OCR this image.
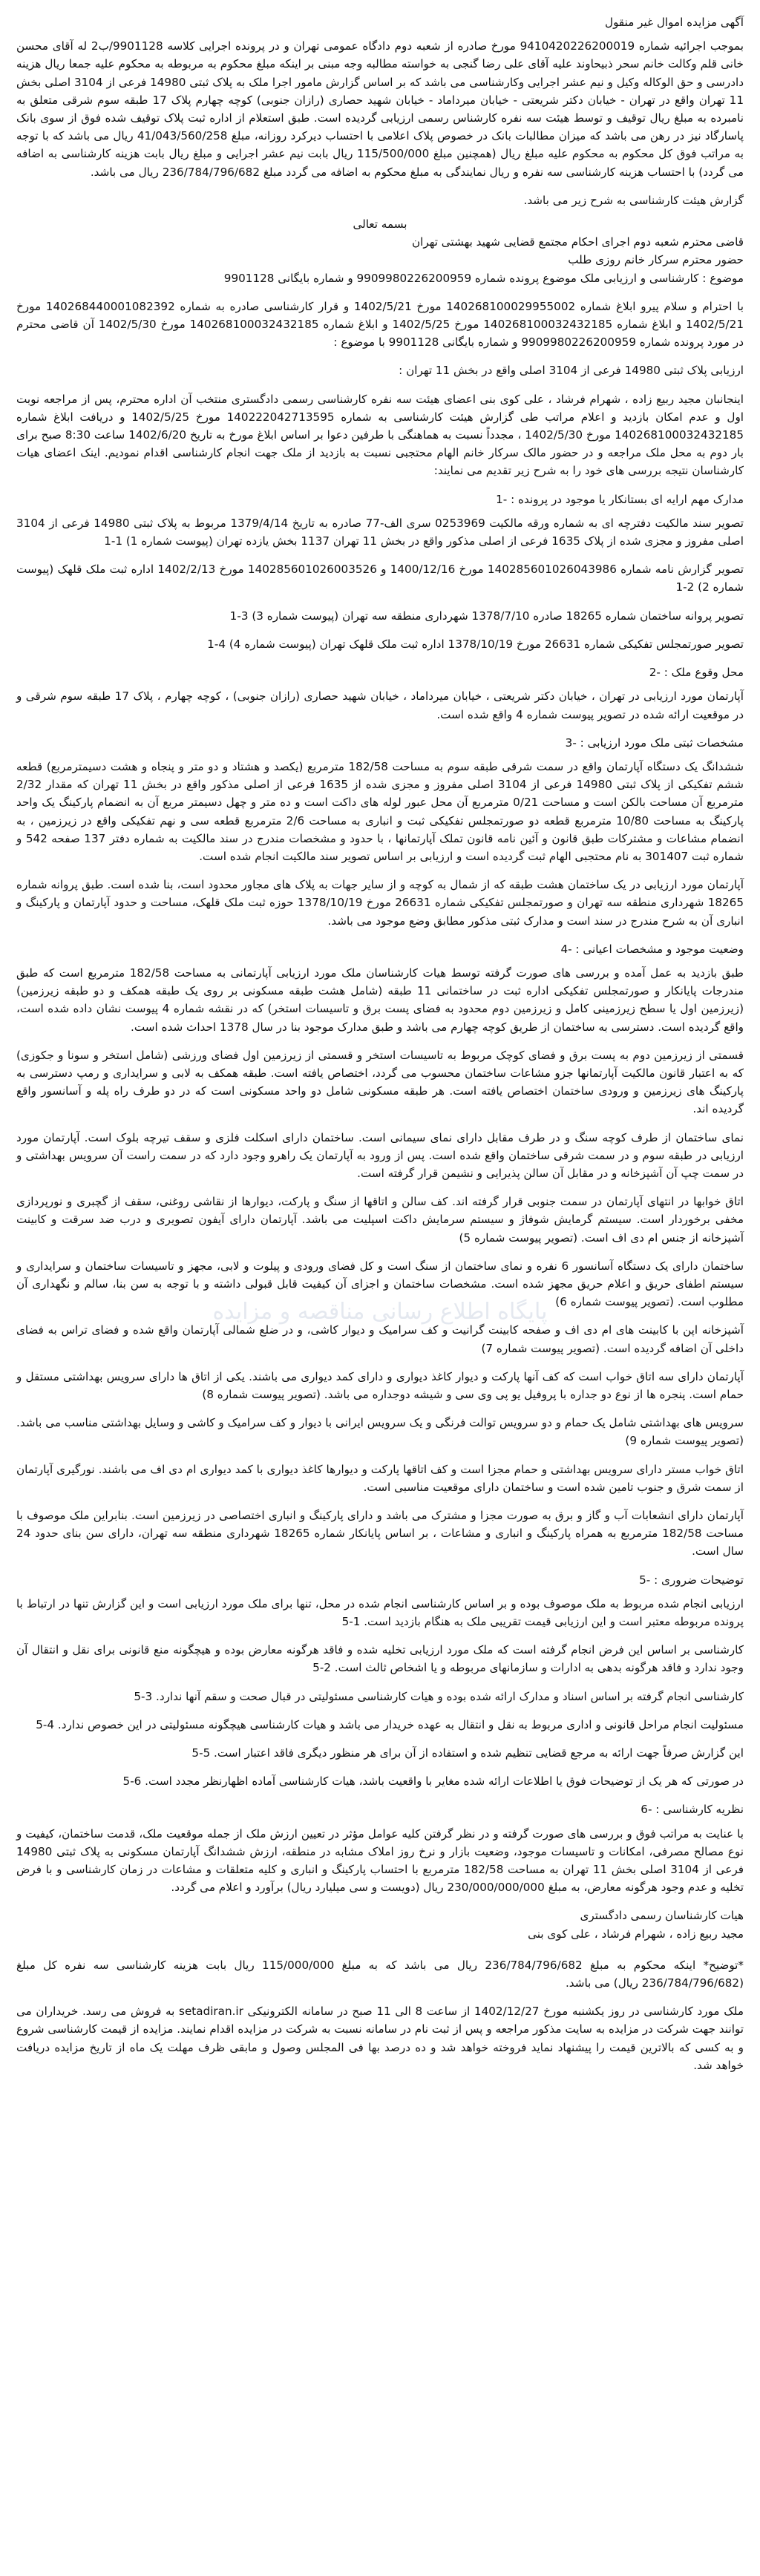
آگهی مزایده اموال غیر منقول

بموجب اجرائیه شماره 9410420226200019 مورخ صادره از شعبه دوم دادگاه عمومی تهران و در پرونده اجرایی کلاسه 9901128/ب2 له آقای محسن خانی قلم وکالت خانم سحر ذبیحاوند علیه آقای علی رضا گنجی به خواسته مطالبه وجه مبنی بر اینکه مبلغ محکوم به مربوطه به محکوم علیه جمعا ریال هزینه دادرسی و حق الوکاله وکیل و نیم عشر اجرایی وکارشناسی می باشد که بر اساس گزارش مامور اجرا ملک به پلاک ثبتی 14980 فرعی از 3104 اصلی بخش 11 تهران واقع در تهران - خیابان دکتر شریعتی - خیابان میرداماد - خیابان شهید حصاری (رازان جنوبی) کوچه چهارم پلاک 17 طبقه سوم شرقی متعلق به نامبرده به مبلغ ریال توقیف و توسط هیئت سه نفره کارشناس رسمی ارزیابی گردیده است. طبق استعلام از اداره ثبت پلاک توقیف شده فوق از سوی بانک پاسارگاد نیز در رهن می باشد که میزان مطالبات بانک در خصوص پلاک اعلامی با احتساب دیرکرد روزانه، مبلغ 41/043/560/258 ریال می باشد که با توجه به مراتب فوق کل محکوم به محکوم علیه مبلغ ریال (همچنین مبلغ 115/500/000 ریال بابت نیم عشر اجرایی و مبلغ ریال بابت هزینه کارشناسی به اضافه می گردد) با احتساب هزینه کارشناسی سه نفره و ریال نمایندگی به مبلغ محکوم به اضافه می گردد مبلغ 236/784/796/682 ریال می باشد.

گزارش هیئت کارشناسی به شرح زیر می باشد.

بسمه تعالی

قاضی محترم شعبه دوم اجرای احکام مجتمع قضایی شهید بهشتی تهران

حضور محترم سرکار خانم روزی طلب

موضوع : کارشناسی و ارزیابی ملک موضوع پرونده شماره 9909980226200959 و شماره بایگانی 9901128

با احترام و سلام پیرو ابلاغ شماره 140268100029955002 مورخ 1402/5/21 و قرار کارشناسی صادره به شماره 140268440001082392 مورخ 1402/5/21 و ابلاغ شماره 140268100032432185 مورخ 1402/5/25 و ابلاغ شماره 140268100032432185 مورخ 1402/5/30 آن قاضی محترم در مورد پرونده شماره 9909980226200959 و شماره بایگانی 9901128 با موضوع :

ارزیابی پلاک ثبتی 14980 فرعی از 3104 اصلی واقع در بخش 11 تهران :

اینجانبان مجید ربیع زاده ، شهرام فرشاد ، علی کوی بنی اعضای هیئت سه نفره کارشناسی رسمی دادگستری منتخب آن اداره محترم، پس از مراجعه نوبت اول و عدم امکان بازدید و اعلام مراتب طی گزارش هیئت کارشناسی به شماره 140222042713595 مورخ 1402/5/25 و دریافت ابلاغ شماره 140268100032432185 مورخ 1402/5/30 ، مجدداً نسبت به هماهنگی با طرفین دعوا بر اساس ابلاغ مورخ به تاریخ 1402/6/20 ساعت 8:30 صبح برای بار دوم به محل ملک مراجعه و در حضور مالک سرکار خانم الهام محتجبی نسبت به بازدید از ملک جهت انجام کارشناسی اقدام نمودیم. اینک اعضای هیات کارشناسان نتیجه بررسی های خود را به شرح زیر تقدیم می نمایند:

مدارک مهم ارایه ای بستانکار یا موجود در پرونده : -1

تصویر سند مالکیت دفترچه ای به شماره ورقه مالکیت 0253969 سری الف-77 صادره به تاریخ 1379/4/14 مربوط به پلاک ثبتی 14980 فرعی از 3104 اصلی مفروز و مجزی شده از پلاک 1635 فرعی از اصلی مذکور واقع در بخش 11 تهران 1137 بخش یازده تهران (پیوست شماره 1) 1-1

تصویر گزارش نامه شماره 140285601026043986 مورخ 1400/12/16 و 140285601026003526 مورخ 1402/2/13 اداره ثبت ملک قلهک (پیوست شماره 2) 2-1

تصویر پروانه ساختمان شماره 18265 صادره 1378/7/10 شهرداری منطقه سه تهران (پیوست شماره 3) 3-1

تصویر صورتمجلس تفکیکی شماره 26631 مورخ 1378/10/19 اداره ثبت ملک قلهک تهران (پیوست شماره 4) 4-1

محل وقوع ملک : -2

آپارتمان مورد ارزیابی در تهران ، خیابان دکتر شریعتی ، خیابان میرداماد ، خیابان شهید حصاری (رازان جنوبی) ، کوچه چهارم ، پلاک 17 طبقه سوم شرقی و در موقعیت ارائه شده در تصویر پیوست شماره 4 واقع شده است.

مشخصات ثبتی ملک مورد ارزیابی : -3

ششدانگ یک دستگاه آپارتمان واقع در سمت شرقی طبقه سوم به مساحت 182/58 مترمربع (یکصد و هشتاد و دو متر و پنجاه و هشت دسیمترمربع) قطعه ششم تفکیکی از پلاک ثبتی 14980 فرعی از 3104 اصلی مفروز و مجزی شده از 1635 فرعی از اصلی مذکور واقع در بخش 11 تهران که مقدار 2/32 مترمربع آن مساحت بالکن است و مساحت 0/21 مترمربع آن محل عبور لوله های داکت است و ده متر و چهل دسیمتر مربع آن به انضمام پارکینگ یک واحد پارکینگ به مساحت 10/80 مترمربع قطعه دو صورتمجلس تفکیکی ثبت و انباری به مساحت 2/6 مترمربع قطعه سی و نهم تفکیکی واقع در زیرزمین ، به انضمام مشاعات و مشترکات طبق قانون و آئین نامه قانون تملک آپارتمانها ، با حدود و مشخصات مندرج در سند مالکیت به شماره دفتر 137 صفحه 542 و شماره ثبت 301407 به نام محتجبی الهام ثبت گردیده است و ارزیابی بر اساس تصویر سند مالکیت انجام شده است.

آپارتمان مورد ارزیابی در یک ساختمان هشت طبقه که از شمال به کوچه و از سایر جهات به پلاک های مجاور محدود است، بنا شده است. طبق پروانه شماره 18265 شهرداری منطقه سه تهران و صورتمجلس تفکیکی شماره 26631 مورخ 1378/10/19 حوزه ثبت ملک قلهک، مساحت و حدود آپارتمان و پارکینگ و انباری آن به شرح مندرج در سند است و مدارک ثبتی مذکور مطابق وضع موجود می باشد.

وضعیت موجود و مشخصات اعیانی : -4

طبق بازدید به عمل آمده و بررسی های صورت گرفته توسط هیات کارشناسان ملک مورد ارزیابی آپارتمانی به مساحت 182/58 مترمربع است که طبق مندرجات پایانکار و صورتمجلس تفکیکی اداره ثبت در ساختمانی 11 طبقه (شامل هشت طبقه مسکونی بر روی یک طبقه همکف و دو طبقه زیرزمین) (زیرزمین اول یا سطح زیرزمینی کامل و زیرزمین دوم محدود به فضای پست برق و تاسیسات استخر) که در نقشه شماره 4 پیوست نشان داده شده است، واقع گردیده است. دسترسی به ساختمان از طریق کوچه چهارم می باشد و طبق مدارک موجود بنا در سال 1378 احداث شده است.

قسمتی از زیرزمین دوم به پست برق و فضای کوچک مربوط به تاسیسات استخر و قسمتی از زیرزمین اول فضای ورزشی (شامل استخر و سونا و جکوزی) که به اعتبار قانون مالکیت آپارتمانها جزو مشاعات ساختمان محسوب می گردد، اختصاص یافته است. طبقه همکف به لابی و سرایداری و رمپ دسترسی به پارکینگ های زیرزمین و ورودی ساختمان اختصاص یافته است. هر طبقه مسکونی شامل دو واحد مسکونی است که در دو طرف راه پله و آسانسور واقع گردیده اند.

نمای ساختمان از طرف کوچه سنگ و در طرف مقابل دارای نمای سیمانی است. ساختمان دارای اسکلت فلزی و سقف تیرچه بلوک است. آپارتمان مورد ارزیابی در طبقه سوم و در سمت شرقی ساختمان واقع شده است. پس از ورود به آپارتمان یک راهرو وجود دارد که در سمت راست آن سرویس بهداشتی و در سمت چپ آن آشپزخانه و در مقابل آن سالن پذیرایی و نشیمن قرار گرفته است.

اتاق خوابها در انتهای آپارتمان در سمت جنوبی قرار گرفته اند. کف سالن و اتاقها از سنگ و پارکت، دیوارها از نقاشی روغنی، سقف از گچبری و نورپردازی مخفی برخوردار است. سیستم گرمایش شوفاژ و سیستم سرمایش داکت اسپلیت می باشد. آپارتمان دارای آیفون تصویری و درب ضد سرقت و کابینت آشپزخانه از جنس ام دی اف است. (تصویر پیوست شماره 5)

ساختمان دارای یک دستگاه آسانسور 6 نفره و نمای ساختمان از سنگ است و کل فضای ورودی و پیلوت و لابی، مجهز و تاسیسات ساختمان و سرایداری و سیستم اطفای حریق و اعلام حریق مجهز شده است. مشخصات ساختمان و اجزای آن کیفیت قابل قبولی داشته و با توجه به سن بنا، سالم و نگهداری آن مطلوب است. (تصویر پیوست شماره 6)

آشپزخانه اپن با کابینت های ام دی اف و صفحه کابینت گرانیت و کف سرامیک و دیوار کاشی، و در ضلع شمالی آپارتمان واقع شده و فضای تراس به فضای داخلی آن اضافه گردیده است. (تصویر پیوست شماره 7)

آپارتمان دارای سه اتاق خواب است که کف آنها پارکت و دیوار کاغذ دیواری و دارای کمد دیواری می باشند. یکی از اتاق ها دارای سرویس بهداشتی مستقل و حمام است. پنجره ها از نوع دو جداره با پروفیل یو پی وی سی و شیشه دوجداره می باشد. (تصویر پیوست شماره 8)

سرویس های بهداشتی شامل یک حمام و دو سرویس توالت فرنگی و یک سرویس ایرانی با دیوار و کف سرامیک و کاشی و وسایل بهداشتی مناسب می باشد. (تصویر پیوست شماره 9)

اتاق خواب مستر دارای سرویس بهداشتی و حمام مجزا است و کف اتاقها پارکت و دیوارها کاغذ دیواری با کمد دیواری ام دی اف می باشند. نورگیری آپارتمان از سمت شرق و جنوب تامین شده است و ساختمان دارای موقعیت مناسبی است.

آپارتمان دارای انشعابات آب و گاز و برق به صورت مجزا و مشترک می باشد و دارای پارکینگ و انباری اختصاصی در زیرزمین است. بنابراین ملک موصوف با مساحت 182/58 مترمربع به همراه پارکینگ و انباری و مشاعات ، بر اساس پایانکار شماره 18265 شهرداری منطقه سه تهران، دارای سن بنای حدود 24 سال است.

توضیحات ضروری : -5

ارزیابی انجام شده مربوط به ملک موصوف بوده و بر اساس کارشناسی انجام شده در محل، تنها برای ملک مورد ارزیابی است و این گزارش تنها در ارتباط با پرونده مربوطه معتبر است و این ارزیابی قیمت تقریبی ملک به هنگام بازدید است. 1-5

کارشناسی بر اساس این فرض انجام گرفته است که ملک مورد ارزیابی تخلیه شده و فاقد هرگونه معارض بوده و هیچگونه منع قانونی برای نقل و انتقال آن وجود ندارد و فاقد هرگونه بدهی به ادارات و سازمانهای مربوطه و یا اشخاص ثالث است. 2-5

کارشناسی انجام گرفته بر اساس اسناد و مدارک ارائه شده بوده و هیات کارشناسی مسئولیتی در قبال صحت و سقم آنها ندارد. 3-5

مسئولیت انجام مراحل قانونی و اداری مربوط به نقل و انتقال به عهده خریدار می باشد و هیات کارشناسی هیچگونه مسئولیتی در این خصوص ندارد. 4-5

این گزارش صرفاً جهت ارائه به مرجع قضایی تنظیم شده و استفاده از آن برای هر منظور دیگری فاقد اعتبار است. 5-5

در صورتی که هر یک از توضیحات فوق یا اطلاعات ارائه شده مغایر با واقعیت باشد، هیات کارشناسی آماده اظهارنظر مجدد است. 6-5

نظریه کارشناسی : -6

با عنایت به مراتب فوق و بررسی های صورت گرفته و در نظر گرفتن کلیه عوامل مؤثر در تعیین ارزش ملک از جمله موقعیت ملک، قدمت ساختمان، کیفیت و نوع مصالح مصرفی، امکانات و تاسیسات موجود، وضعیت بازار و نرخ روز املاک مشابه در منطقه، ارزش ششدانگ آپارتمان مسکونی به پلاک ثبتی 14980 فرعی از 3104 اصلی بخش 11 تهران به مساحت 182/58 مترمربع با احتساب پارکینگ و انباری و کلیه متعلقات و مشاعات در زمان کارشناسی و با فرض تخلیه و عدم وجود هرگونه معارض، به مبلغ 230/000/000/000 ریال (دویست و سی میلیارد ریال) برآورد و اعلام می گردد.

هیات کارشناسان رسمی دادگستری

مجید ربیع زاده ، شهرام فرشاد ، علی کوی بنی

*توضیح* اینکه محکوم به مبلغ 236/784/796/682 ریال می باشد که به مبلغ 115/000/000 ریال بابت هزینه کارشناسی سه نفره کل مبلغ (236/784/796/682 ریال) می باشد.

ملک مورد کارشناسی در روز یکشنبه مورخ 1402/12/27 از ساعت 8 الی 11 صبح در سامانه الکترونیکی setadiran.ir به فروش می رسد. خریداران می توانند جهت شرکت در مزایده به سایت مذکور مراجعه و پس از ثبت نام در سامانه نسبت به شرکت در مزایده اقدام نمایند. مزایده از قیمت کارشناسی شروع و به کسی که بالاترین قیمت را پیشنهاد نماید فروخته خواهد شد و ده درصد بها فی المجلس وصول و مابقی ظرف مهلت یک ماه از تاریخ مزایده دریافت خواهد شد.

پایگاه اطلاع رسانی مناقصه و مزایده
